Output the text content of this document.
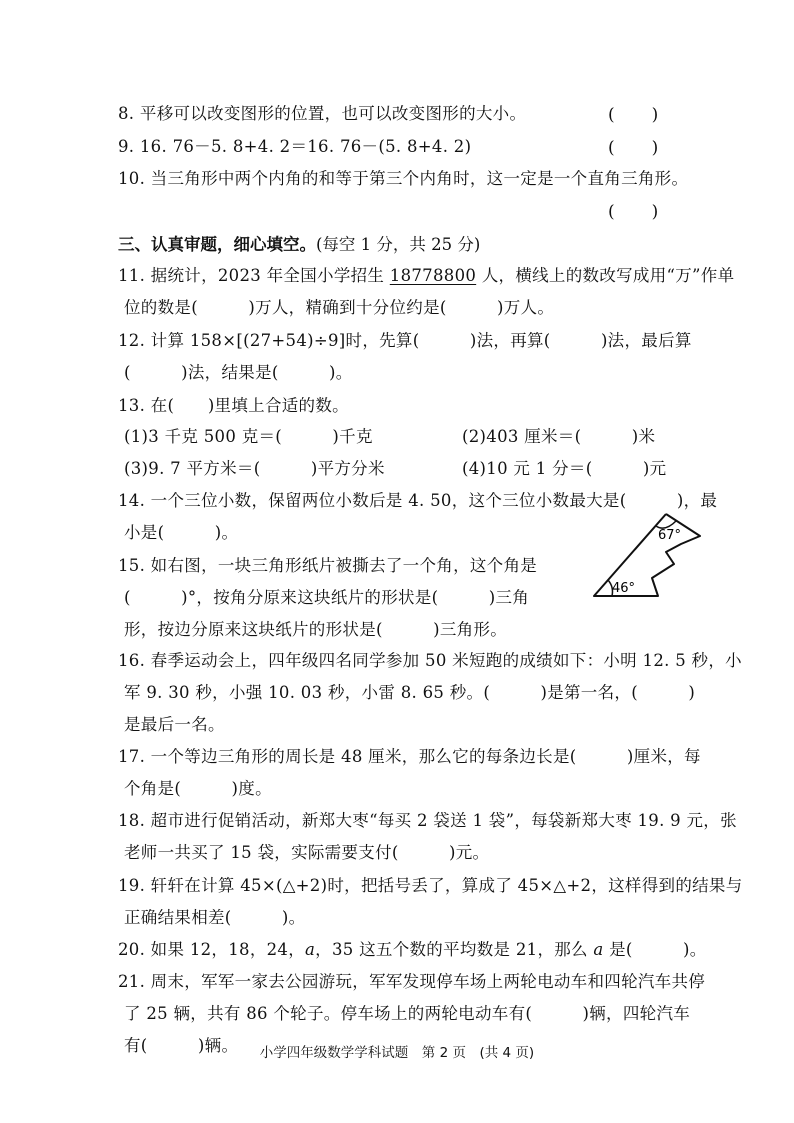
8. 平移可以改变图形的位置，也可以改变图形的大小。	(　　)
9. 16. 76－5. 8+4. 2＝16. 76－(5. 8+4. 2)	(　　)
10. 当三角形中两个内角的和等于第三个内角时，这一定是一个直角三角形。
(　　)
三、认真审题，细心填空。(每空 1 分，共 25 分)
11. 据统计，2023 年全国小学招生 18778800 人，横线上的数改写成用“万”作单
位的数是(　　　)万人，精确到十分位约是(　　　)万人。
12. 计算 158×[(27+54)÷9]时，先算(　　　)法，再算(　　　)法，最后算
(　　　)法，结果是(　　　)。
13. 在(　　)里填上合适的数。
(1)3 千克 500 克＝(　　　)千克	(2)403 厘米＝(　　　)米
(3)9. 7 平方米＝(　　　)平方分米	(4)10 元 1 分＝(　　　)元
14. 一个三位小数，保留两位小数后是 4. 50，这个三位小数最大是(　　　)，最
小是(　　　)。
15. 如右图，一块三角形纸片被撕去了一个角，这个角是
(　　　)°，按角分原来这块纸片的形状是(　　　)三角
形，按边分原来这块纸片的形状是(　　　)三角形。
67°
46°
16. 春季运动会上，四年级四名同学参加 50 米短跑的成绩如下：小明 12. 5 秒，小
军 9. 30 秒，小强 10. 03 秒，小雷 8. 65 秒。(　　　)是第一名，(　　　)
是最后一名。
17. 一个等边三角形的周长是 48 厘米，那么它的每条边长是(　　　)厘米，每
个角是(　　　)度。
18. 超市进行促销活动，新郑大枣“每买 2 袋送 1 袋”，每袋新郑大枣 19. 9 元，张
老师一共买了 15 袋，实际需要支付(　　　)元。
19. 轩轩在计算 45×(△+2)时，把括号丢了，算成了 45×△+2，这样得到的结果与
正确结果相差(　　　)。
20. 如果 12，18，24，a，35 这五个数的平均数是 21，那么 a 是(　　　)。
21. 周末，军军一家去公园游玩，军军发现停车场上两轮电动车和四轮汽车共停
了 25 辆，共有 86 个轮子。停车场上的两轮电动车有(　　　)辆，四轮汽车
有(　　　)辆。	小学四年级数学学科试题　第 2 页　(共 4 页)
